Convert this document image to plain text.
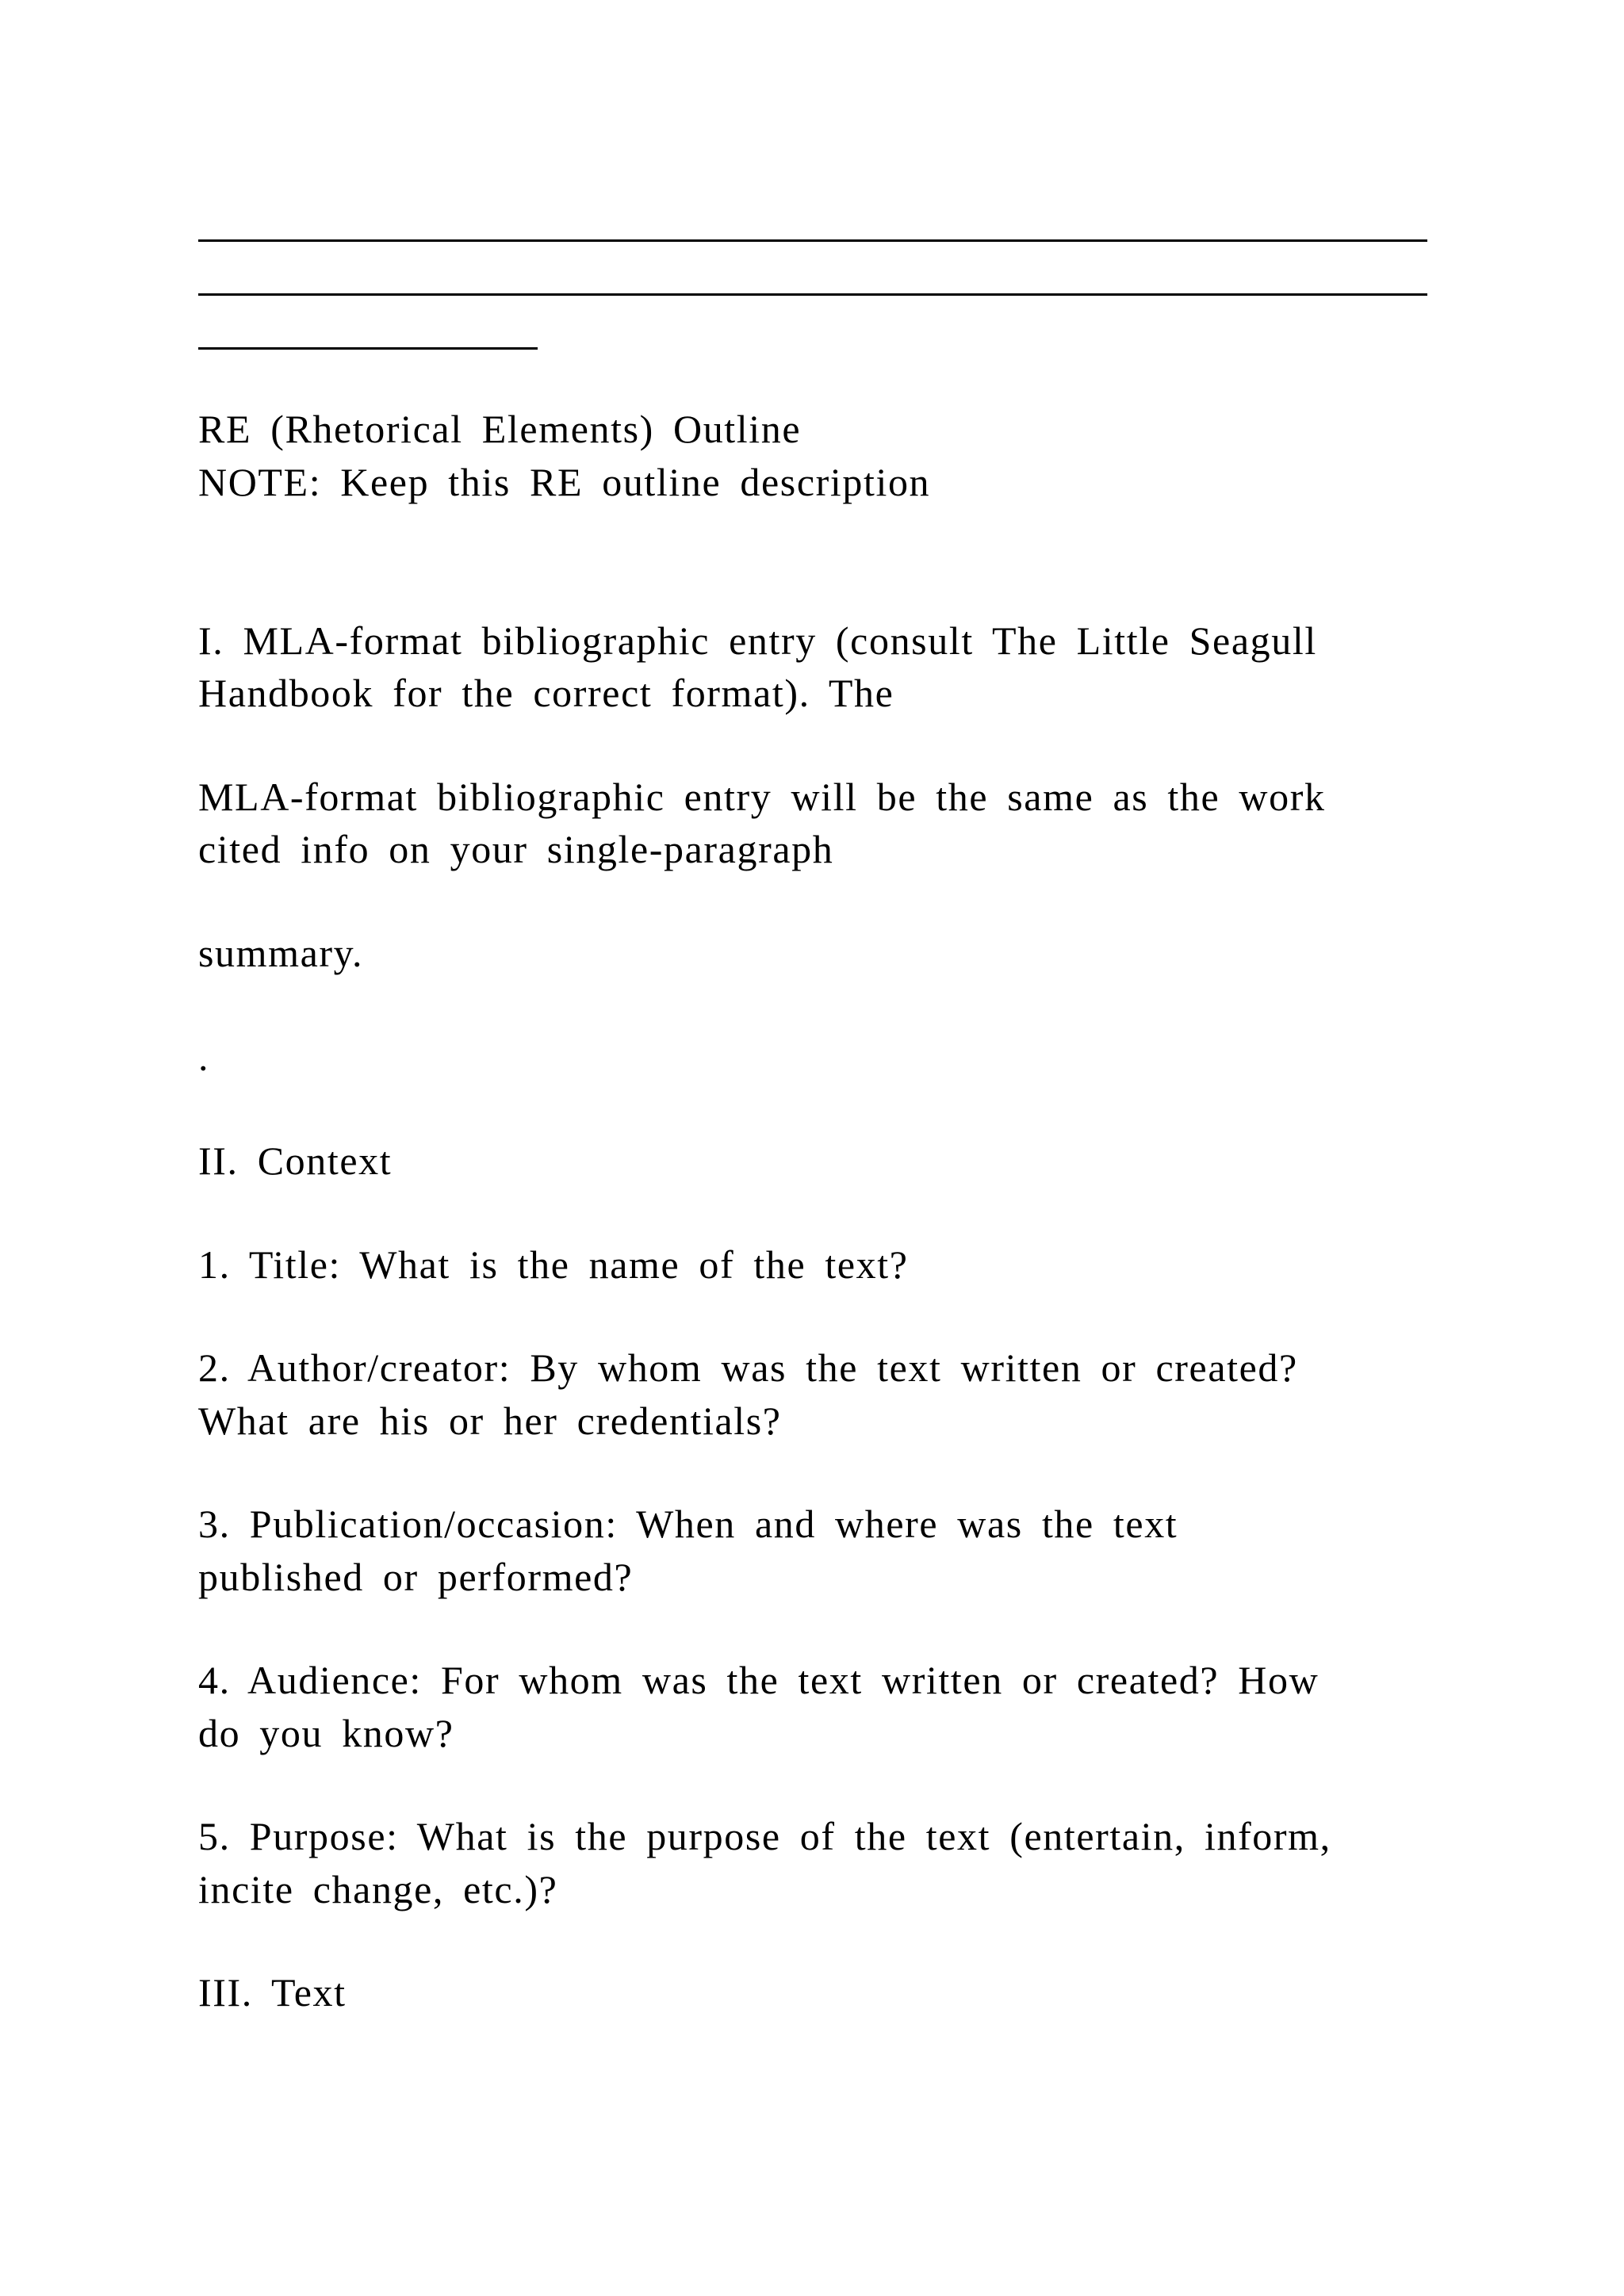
RE (Rhetorical Elements) Outline
NOTE: Keep this RE outline description
I. MLA-format bibliographic entry (consult The Little Seagull
Handbook for the correct format). The
MLA-format bibliographic entry will be the same as the work
cited info on your single-paragraph
summary.
.
II. Context
1. Title: What is the name of the text?
2. Author/creator: By whom was the text written or created?
What are his or her credentials?
3. Publication/occasion: When and where was the text
published or performed?
4. Audience: For whom was the text written or created? How
do you know?
5. Purpose: What is the purpose of the text (entertain, inform,
incite change, etc.)?
III. Text
